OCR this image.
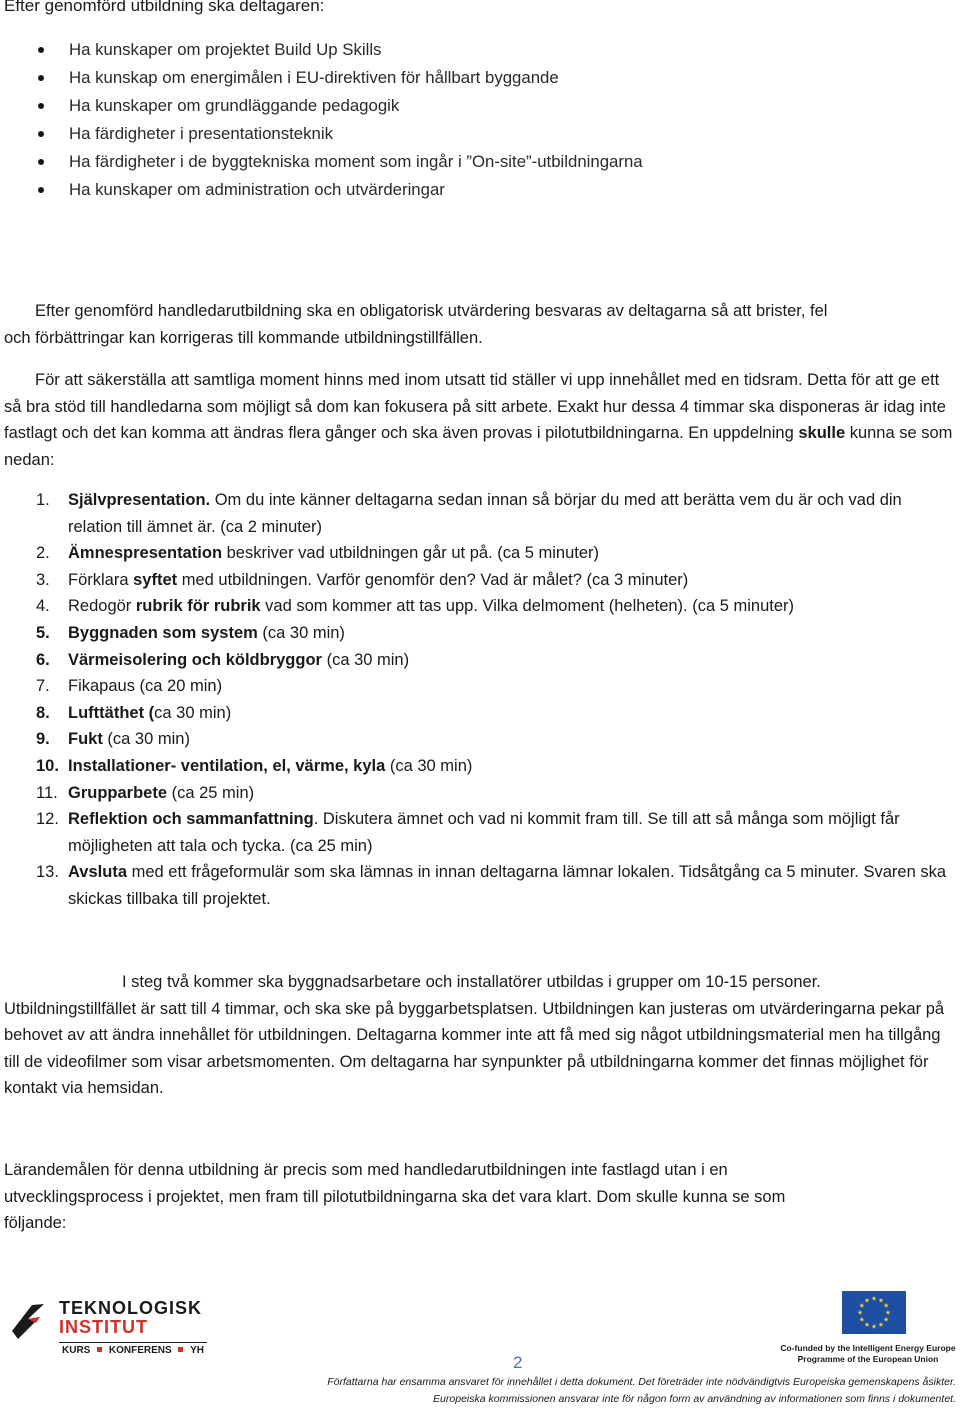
Efter genomförd utbildning ska deltagaren:
Ha kunskaper om projektet Build Up Skills
Ha kunskap om energimålen i EU-direktiven för hållbart byggande
Ha kunskaper om grundläggande pedagogik
Ha färdigheter i presentationsteknik
Ha färdigheter i de byggtekniska moment som ingår i ”On-site”-utbildningarna
Ha kunskaper om administration och utvärderingar
Efter genomförd handledarutbildning ska en obligatorisk utvärdering besvaras av deltagarna så att brister, fel
och förbättringar kan korrigeras till kommande utbildningstillfällen.
För att säkerställa att samtliga moment hinns med inom utsatt tid ställer vi upp innehållet med en tidsram. Detta för att ge ett så bra stöd till handledarna som möjligt så dom kan fokusera på sitt arbete. Exakt hur dessa 4 timmar ska disponeras är idag inte fastlagt och det kan komma att ändras flera gånger och ska även provas i pilotutbildningarna. En uppdelning skulle kunna se som nedan:
1. Självpresentation. Om du inte känner deltagarna sedan innan så börjar du med att berätta vem du är och vad din relation till ämnet är. (ca 2 minuter)
2. Ämnespresentation beskriver vad utbildningen går ut på. (ca 5 minuter)
3. Förklara syftet med utbildningen. Varför genomför den? Vad är målet? (ca 3 minuter)
4. Redogör rubrik för rubrik vad som kommer att tas upp. Vilka delmoment (helheten). (ca 5 minuter)
5. Byggnaden som system (ca 30 min)
6. Värmeisolering och köldbryggor (ca 30 min)
7. Fikapaus (ca 20 min)
8. Lufttäthet (ca 30 min)
9. Fukt (ca 30 min)
10. Installationer- ventilation, el, värme, kyla (ca 30 min)
11. Grupparbete (ca 25 min)
12. Reflektion och sammanfattning. Diskutera ämnet och vad ni kommit fram till. Se till att så många som möjligt får möjligheten att tala och tycka. (ca 25 min)
13. Avsluta med ett frågeformulär som ska lämnas in innan deltagarna lämnar lokalen. Tidsåtgång ca 5 minuter. Svaren ska skickas tillbaka till projektet.
I steg två kommer ska byggnadsarbetare och installatörer utbildas i grupper om 10-15 personer.
Utbildningstillfället är satt till 4 timmar, och ska ske på byggarbetsplatsen. Utbildningen kan justeras om utvärderingarna pekar på behovet av att ändra innehållet för utbildningen. Deltagarna kommer inte att få med sig något utbildningsmaterial men ha tillgång till de videofilmer som visar arbetsmomenten. Om deltagarna har synpunkter på utbildningarna kommer det finnas möjlighet för kontakt via hemsidan.
Lärandemålen för denna utbildning är precis som med handledarutbildningen inte fastlagd utan i en utvecklingsprocess i projektet, men fram till pilotutbildningarna ska det vara klart. Dom skulle kunna se som följande:
TEKNOLOGISK
INSTITUT
KURS KONFERENS YH	Co-funded by the Intelligent Energy Europe
Programme of the European Union
2
Författarna har ensamma ansvaret för innehållet i detta dokument. Det företräder inte nödvändigtvis Europeiska gemenskapens åsikter.
Europeiska kommissionen ansvarar inte för någon form av användning av informationen som finns i dokumentet.
